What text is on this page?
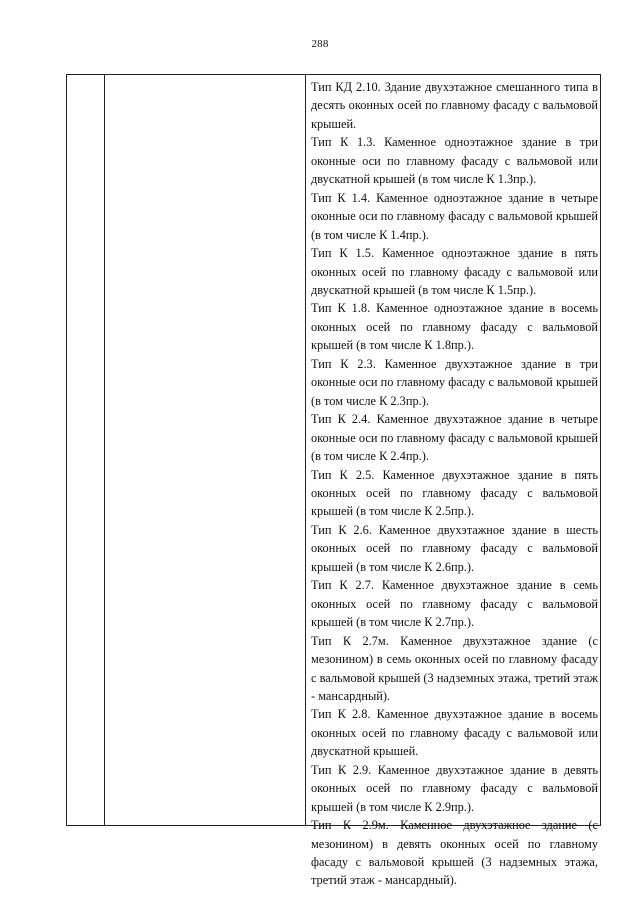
288

Тип КД 2.10. Здание двухэтажное смешанного типа в десять оконных осей по главному фасаду с вальмовой крышей.

Тип К 1.3. Каменное одноэтажное здание в три оконные оси по главному фасаду с вальмовой или двускатной крышей (в том числе К 1.3пр.).

Тип К 1.4. Каменное одноэтажное здание в четыре оконные оси по главному фасаду с вальмовой крышей (в том числе К 1.4пр.).

Тип К 1.5. Каменное одноэтажное здание в пять оконных осей по главному фасаду с вальмовой или двускатной крышей (в том числе К 1.5пр.).

Тип К 1.8. Каменное одноэтажное здание в восемь оконных осей по главному фасаду с вальмовой крышей (в том числе К 1.8пр.).

Тип К 2.3. Каменное двухэтажное здание в три оконные оси по главному фасаду с вальмовой крышей (в том числе К 2.3пр.).

Тип К 2.4. Каменное двухэтажное здание в четыре оконные оси по главному фасаду с вальмовой крышей (в том числе К 2.4пр.).

Тип К 2.5. Каменное двухэтажное здание в пять оконных осей по главному фасаду с вальмовой крышей (в том числе К 2.5пр.).

Тип К 2.6. Каменное двухэтажное здание в шесть оконных осей по главному фасаду с вальмовой крышей (в том числе К 2.6пр.).

Тип К 2.7. Каменное двухэтажное здание в семь оконных осей по главному фасаду с вальмовой крышей (в том числе К 2.7пр.).

Тип К 2.7м. Каменное двухэтажное здание (с мезонином) в семь оконных осей по главному фасаду с вальмовой крышей (3 надземных этажа, третий этаж - мансардный).

Тип К 2.8. Каменное двухэтажное здание в восемь оконных осей по главному фасаду с вальмовой или двускатной крышей.

Тип К 2.9. Каменное двухэтажное здание в девять оконных осей по главному фасаду с вальмовой крышей (в том числе К 2.9пр.).

Тип К 2.9м. Каменное двухэтажное здание (с мезонином) в девять оконных осей по главному фасаду с вальмовой крышей (3 надземных этажа, третий этаж - мансардный).
